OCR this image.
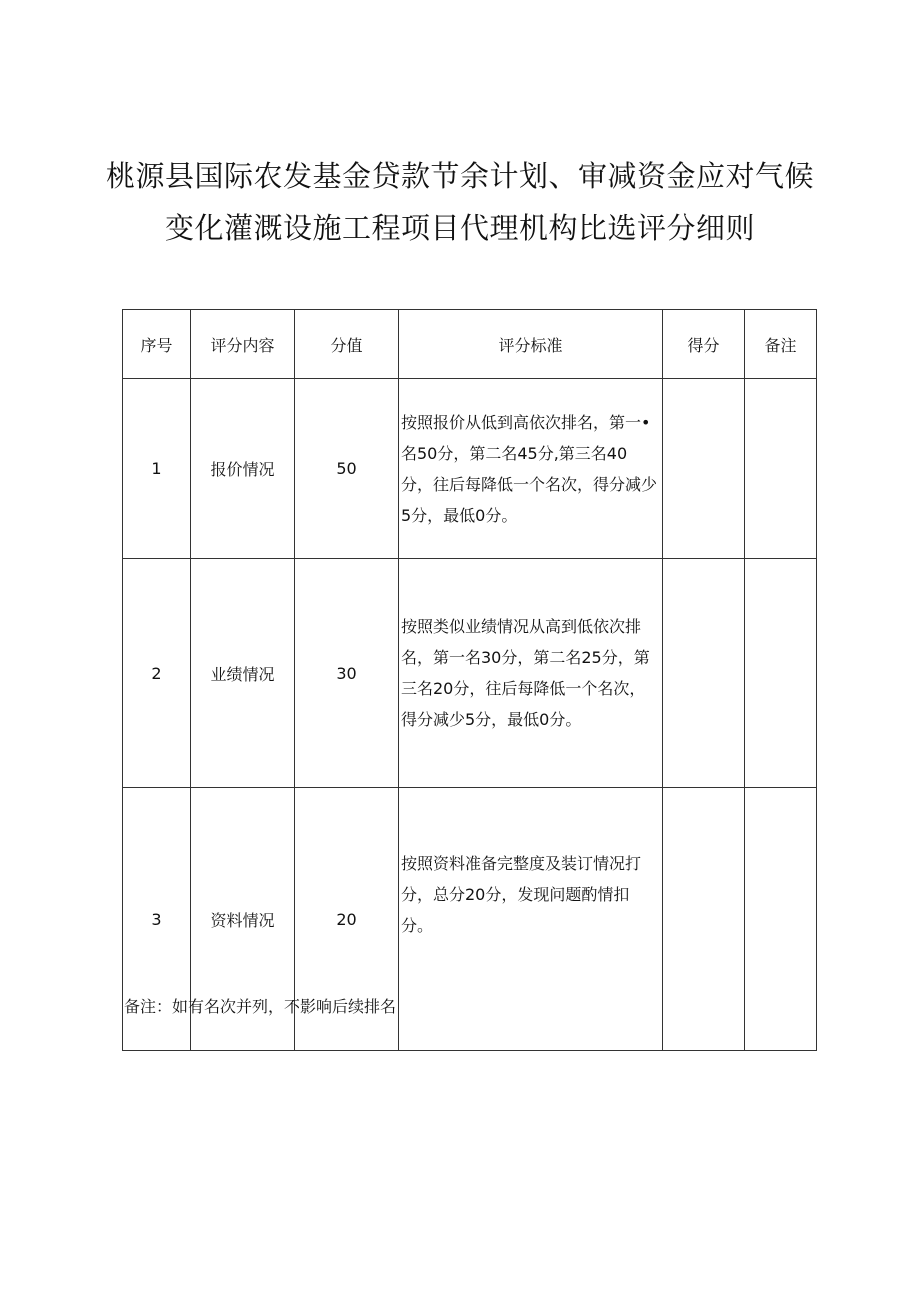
桃源县国际农发基金贷款节余计划、审减资金应对气候
变化灌溉设施工程项目代理机构比选评分细则
序号	评分内容	分值	评分标准	得分	备注
1	报价情况	50	按照报价从低到高依次排名，第一•名50分，第二名45分,第三名40分，往后每降低一个名次，得分减少5分，最低0分。		
2	业绩情况	30	按照类似业绩情况从高到低依次排名，第一名30分，第二名25分，第三名20分，往后每降低一个名次，得分减少5分，最低0分。		
3	资料情况	20	按照资料准备完整度及装订情况打分，总分20分，发现问题酌情扣分。		
备注：如有名次并列，不影响后续排名
